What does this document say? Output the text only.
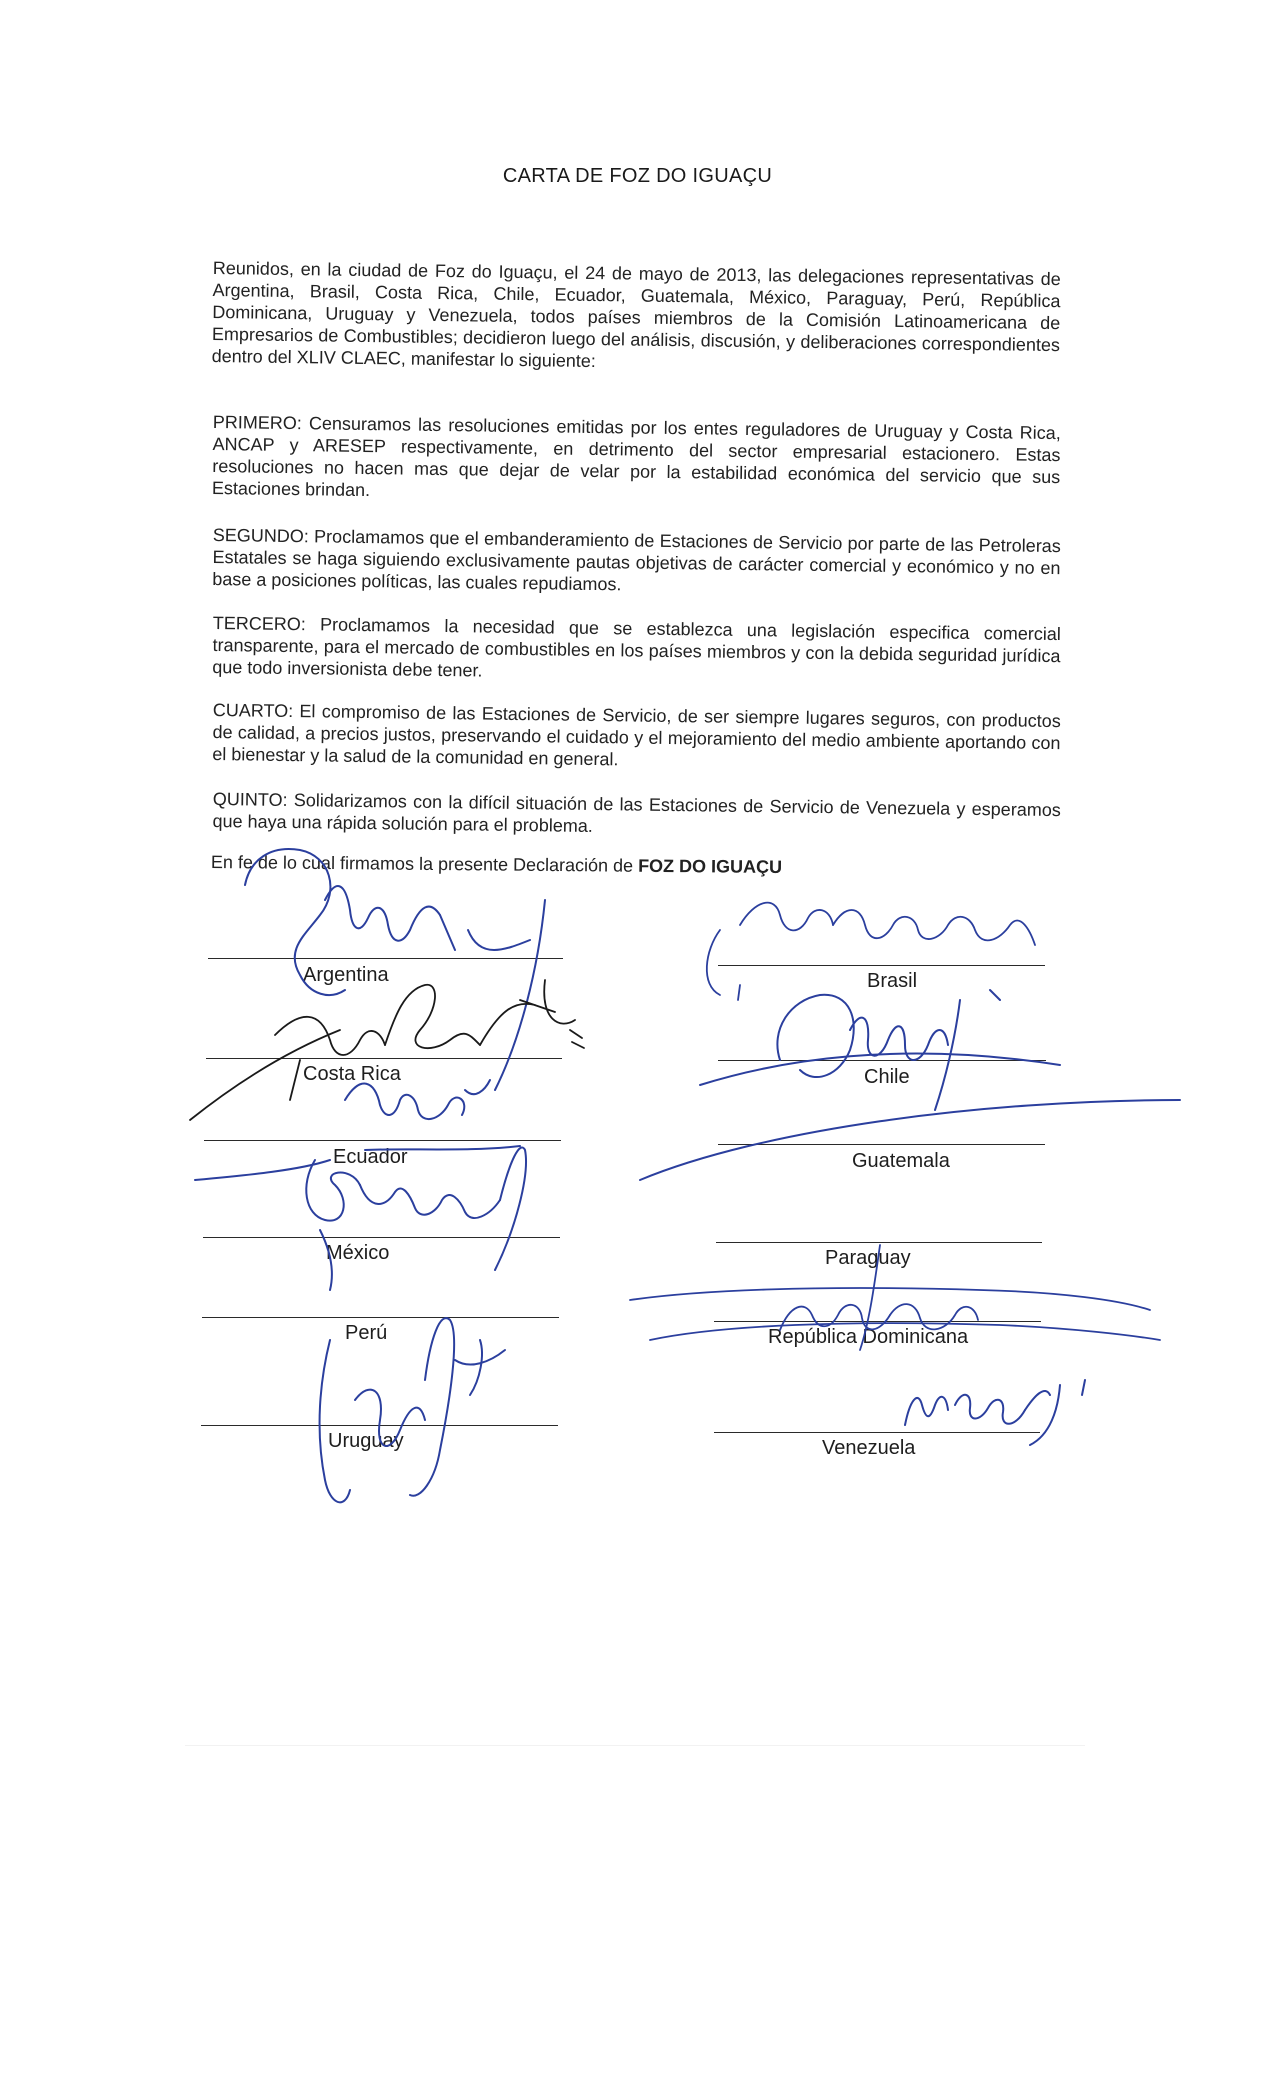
CARTA DE FOZ DO IGUAÇU
Reunidos, en la ciudad de Foz do Iguaçu, el 24 de mayo de 2013, las delegaciones representativas de Argentina, Brasil, Costa Rica, Chile, Ecuador, Guatemala, México, Paraguay, Perú, República Dominicana, Uruguay y Venezuela, todos países miembros de la Comisión Latinoamericana de Empresarios de Combustibles; decidieron luego del análisis, discusión, y deliberaciones correspondientes dentro del XLIV CLAEC, manifestar lo siguiente:
PRIMERO: Censuramos las resoluciones emitidas por los entes reguladores de Uruguay y Costa Rica, ANCAP y ARESEP respectivamente, en detrimento del sector empresarial estacionero. Estas resoluciones no hacen mas que dejar de velar por la estabilidad económica del servicio que sus Estaciones brindan.
SEGUNDO: Proclamamos que el embanderamiento de Estaciones de Servicio por parte de las Petroleras Estatales se haga siguiendo exclusivamente pautas objetivas de carácter comercial y económico y no en base a posiciones políticas, las cuales repudiamos.
TERCERO: Proclamamos la necesidad que se establezca una legislación especifica comercial transparente, para el mercado de combustibles en los países miembros y con la debida seguridad jurídica que todo inversionista debe tener.
CUARTO: El compromiso de las Estaciones de Servicio, de ser siempre lugares seguros, con productos de calidad, a precios justos, preservando el cuidado y el mejoramiento del medio ambiente aportando con el bienestar y la salud de la comunidad en general.
QUINTO: Solidarizamos con la difícil situación de las Estaciones de Servicio de Venezuela y esperamos que haya una rápida solución para el problema.
En fe de lo cual firmamos la presente Declaración de FOZ DO IGUAÇU
Argentina
Costa Rica
Ecuador
México
Perú
Uruguay
Brasil
Chile
Guatemala
Paraguay
República Dominicana
Venezuela
